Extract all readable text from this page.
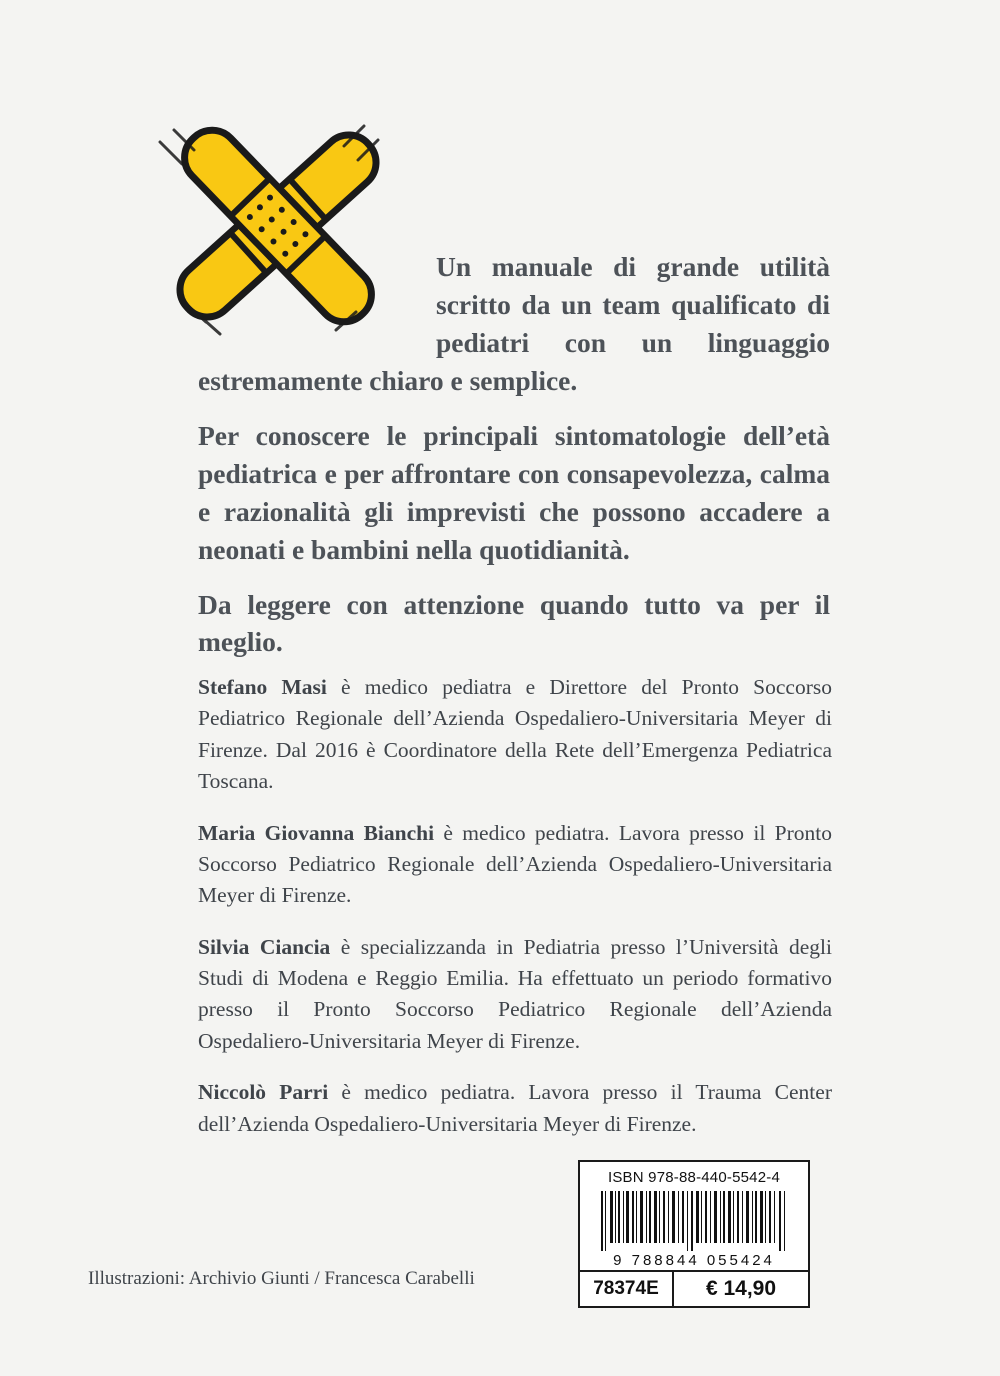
Un manuale di grande utilità scritto da un team qualificato di pediatri con un linguaggio estremamente chiaro e semplice.

Per conoscere le principali sintomatologie dell’età pediatrica e per affrontare con consapevolezza, calma e razionalità gli imprevisti che possono accadere a neonati e bambini nella quotidianità.

Da leggere con attenzione quando tutto va per il meglio.

Stefano Masi è medico pediatra e Direttore del Pronto Soccorso Pediatrico Regionale dell’Azienda Ospedaliero-Universitaria Meyer di Firenze. Dal 2016 è Coordinatore della Rete dell’Emergenza Pediatrica Toscana.

Maria Giovanna Bianchi è medico pediatra. Lavora presso il Pronto Soccorso Pediatrico Regionale dell’Azienda Ospedaliero-Universitaria Meyer di Firenze.

Silvia Ciancia è specializzanda in Pediatria presso l’Università degli Studi di Modena e Reggio Emilia. Ha effettuato un periodo formativo presso il Pronto Soccorso Pediatrico Regionale dell’Azienda Ospedaliero-Universitaria Meyer di Firenze.

Niccolò Parri è medico pediatra. Lavora presso il Trauma Center dell’Azienda Ospedaliero-Universitaria Meyer di Firenze.

Illustrazioni: Archivio Giunti / Francesca Carabelli
ISBN 978-88-440-5542-4
9 788844 055424
78374E	€ 14,90
